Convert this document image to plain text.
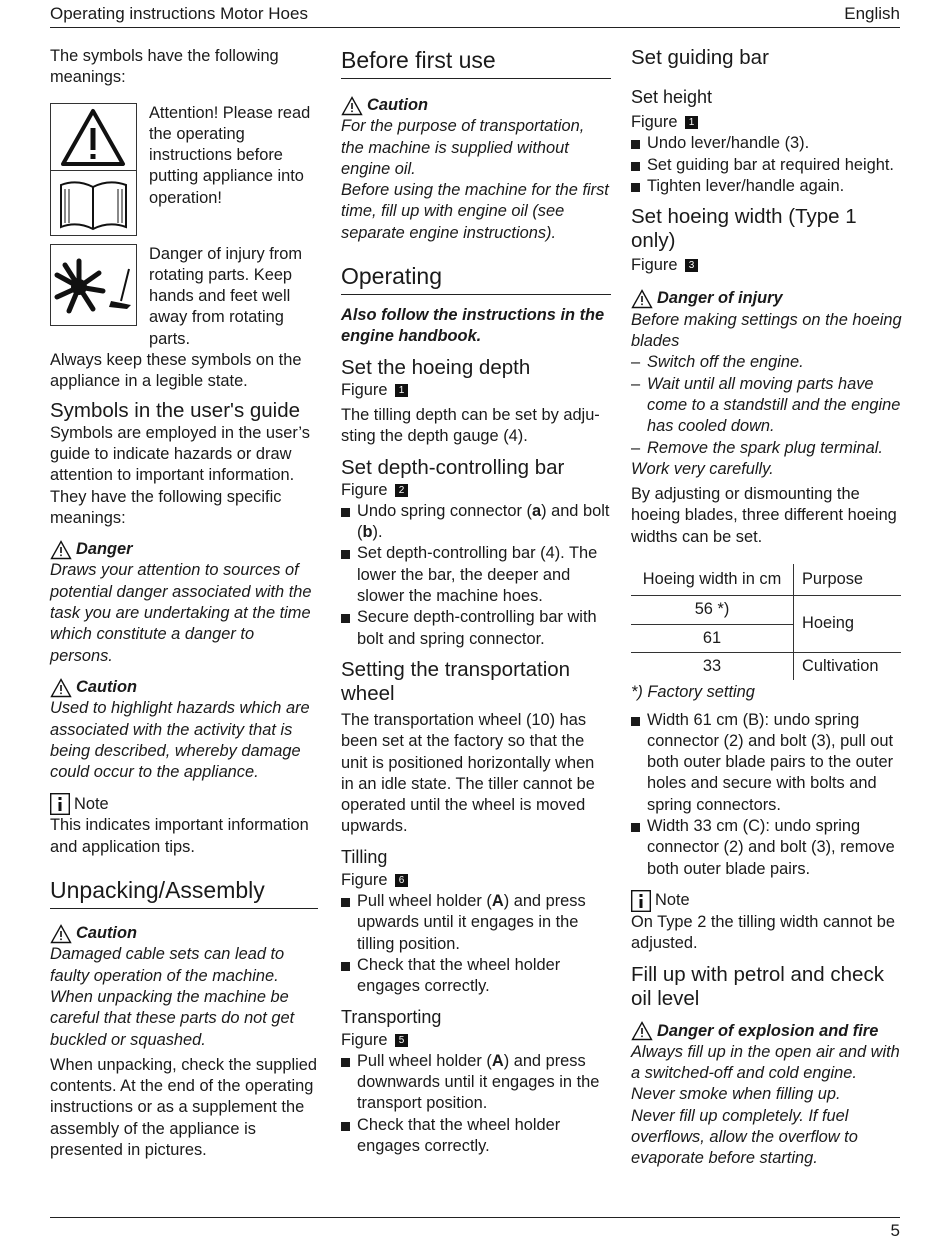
Operating instructions Motor Hoes	English

The symbols have the following meanings:

Attention! Please read the operating instructions before putting appliance into operation!

Danger of injury from rotating parts. Keep hands and feet well away from rotating parts.

Always keep these symbols on the appliance in a legible state.

Symbols in the user's guide

Symbols are employed in the user’s guide to indicate hazards or draw attention to important information. They have the following specific meanings:

Danger

Draws your attention to sources of potential danger associated with the task you are undertaking at the time which constitute a danger to persons.

Caution

Used to highlight hazards which are associated with the activity that is being described, whereby damage could occur to the appliance.

Note

This indicates important information and application tips.

Unpacking/Assembly
Caution

Damaged cable sets can lead to faulty operation of the machine. When unpacking the machine be careful that these parts do not get buckled or squashed.

When unpacking, check the supplied contents. At the end of the operating instructions or as a supplement the assembly of the appliance is presented in pictures.

Before first use
Caution

For the purpose of transportation, the machine is supplied without engine oil.

Before using the machine for the first time, fill up with engine oil (see separate engine instructions).

Operating

Also follow the instructions in the engine handbook.

Set the hoeing depth

Figure 1

The tilling depth can be set by adju-sting the depth gauge (4).

Set depth-controlling bar

Figure 2

Undo spring connector (a) and bolt (b).
Set depth-controlling bar (4). The lower the bar, the deeper and slower the machine hoes.
Secure depth-controlling bar with bolt and spring connector.
Setting the transportation wheel

The transportation wheel (10) has been set at the factory so that the unit is positioned horizontally when in an idle state. The tiller cannot be operated until the wheel is moved upwards.

Tilling

Figure 6

Pull wheel holder (A) and press upwards until it engages in the tilling position.
Check that the wheel holder engages correctly.
Transporting

Figure 5

Pull wheel holder (A) and press downwards until it engages in the transport position.
Check that the wheel holder engages correctly.
Set guiding bar
Set height

Figure 1

Undo lever/handle (3).
Set guiding bar at required height.
Tighten lever/handle again.
Set hoeing width (Type 1 only)

Figure 3

Danger of injury

Before making settings on the hoeing blades

– Switch off the engine.
– Wait until all moving parts have come to a standstill and the engine has cooled down.
– Remove the spark plug terminal.

Work very carefully.

By adjusting or dismounting the hoeing blades, three different hoeing widths can be set.

Hoeing width in cm	Purpose
56 *)	Hoeing
61	
33	Cultivation

*) Factory setting

Width 61 cm (B): undo spring connector (2) and bolt (3), pull out both outer blade pairs to the outer holes and secure with bolts and spring connectors.
Width 33 cm (C): undo spring connector (2) and bolt (3), remove both outer blade pairs.
Note

On Type 2 the tilling width cannot be adjusted.

Fill up with petrol and check oil level
Danger of explosion and fire

Always fill up in the open air and with a switched-off and cold engine.

Never smoke when filling up.

Never fill up completely. If fuel overflows, allow the overflow to evaporate before starting.

5
